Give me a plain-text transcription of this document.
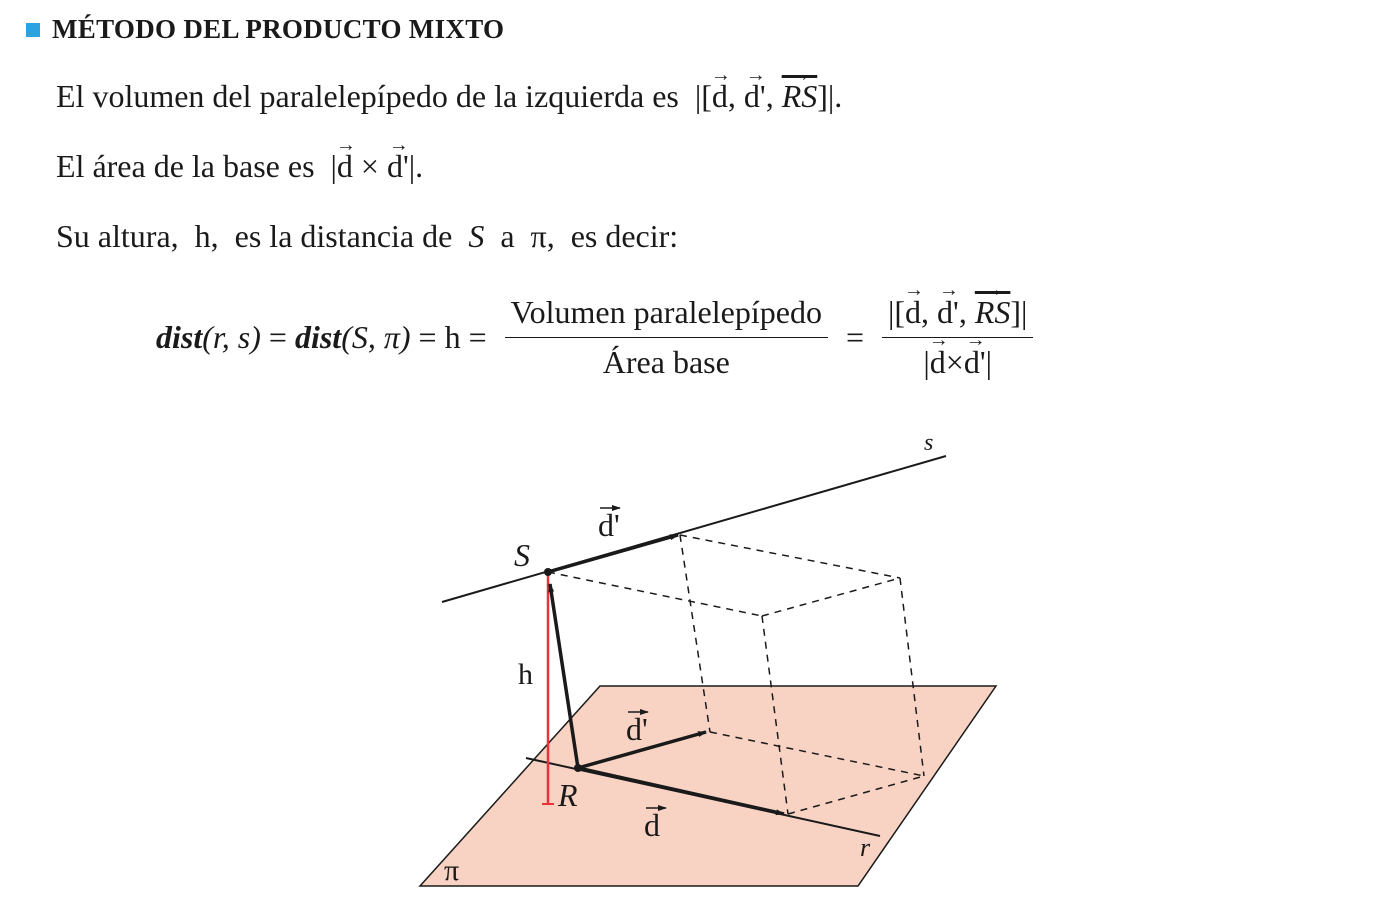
MÉTODO DEL PRODUCTO MIXTO
El volumen del paralelepípedo de la izquierda es  |[→ d, → d', → $\overline{RS}]|$.
El área de la base es  |→ d × → d'|.
Su altura, h, es la distancia de S a π, es decir:
dist (r, s) = dist (S, $\pi) = h = \frac{\text{Volumen paralelepípedo}}{\text{Área base}} = \frac{|[\to d, \to d', \to \overline{RS}]|}{|\to d\times\to d'|}$
s
r
S
R
h
π
d
d'
d'
